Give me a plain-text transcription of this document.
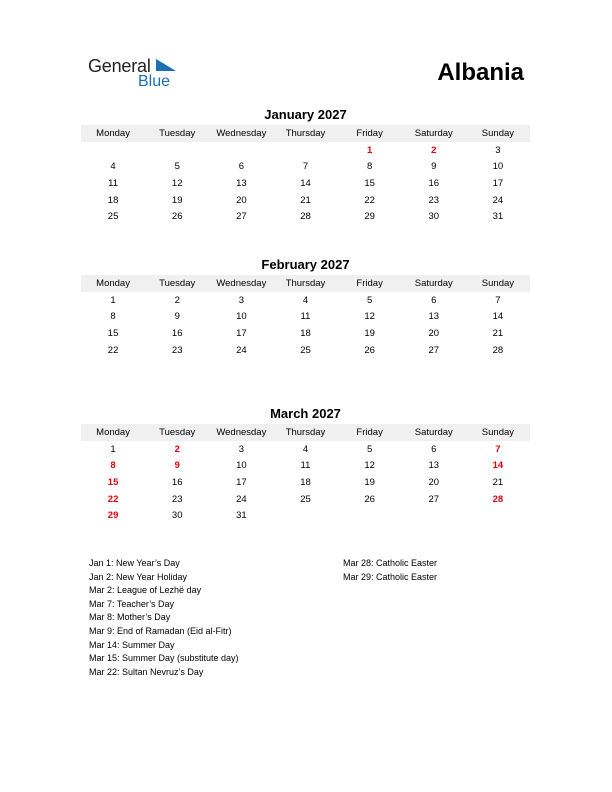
General
Blue	Albania
January 2027
Monday	Tuesday	Wednesday	Thursday	Friday	Saturday	Sunday
				1	2	3
4	5	6	7	8	9	10
11	12	13	14	15	16	17
18	19	20	21	22	23	24
25	26	27	28	29	30	31
February 2027
Monday	Tuesday	Wednesday	Thursday	Friday	Saturday	Sunday
1	2	3	4	5	6	7
8	9	10	11	12	13	14
15	16	17	18	19	20	21
22	23	24	25	26	27	28
March 2027
Monday	Tuesday	Wednesday	Thursday	Friday	Saturday	Sunday
1	2	3	4	5	6	7
8	9	10	11	12	13	14
15	16	17	18	19	20	21
22	23	24	25	26	27	28
29	30	31				
Jan 1: New Year’s Day
Jan 2: New Year Holiday
Mar 2: League of Lezhë day
Mar 7: Teacher’s Day
Mar 8: Mother’s Day
Mar 9: End of Ramadan (Eid al-Fitr)
Mar 14: Summer Day
Mar 15: Summer Day (substitute day)
Mar 22: Sultan Nevruz’s Day
Mar 28: Catholic Easter
Mar 29: Catholic Easter
